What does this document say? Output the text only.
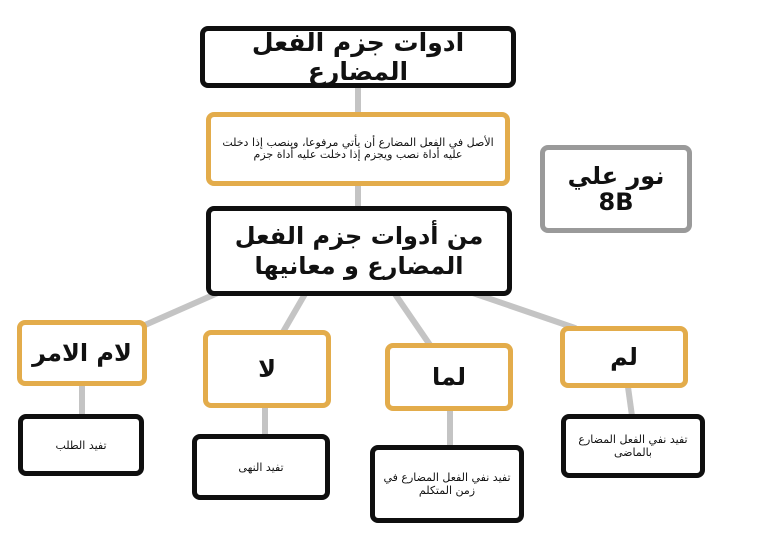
ادوات جزم الفعل المضارع
الأصل في الفعل المضارع أن يأتي مرفوعا، وينصب إذا دخلت عليه أداة نصب ويجزم إذا دخلت عليه أداة جزم
نور علي
8B
من أدوات جزم الفعل
المضارع و معانيها
لام الامر
لا	لما
لم
تفيد الطلب
تفيد النهى
تفيد نفي الفعل المضارع في زمن المتكلم
تفيد نفي الفعل المضارع بالماضى
